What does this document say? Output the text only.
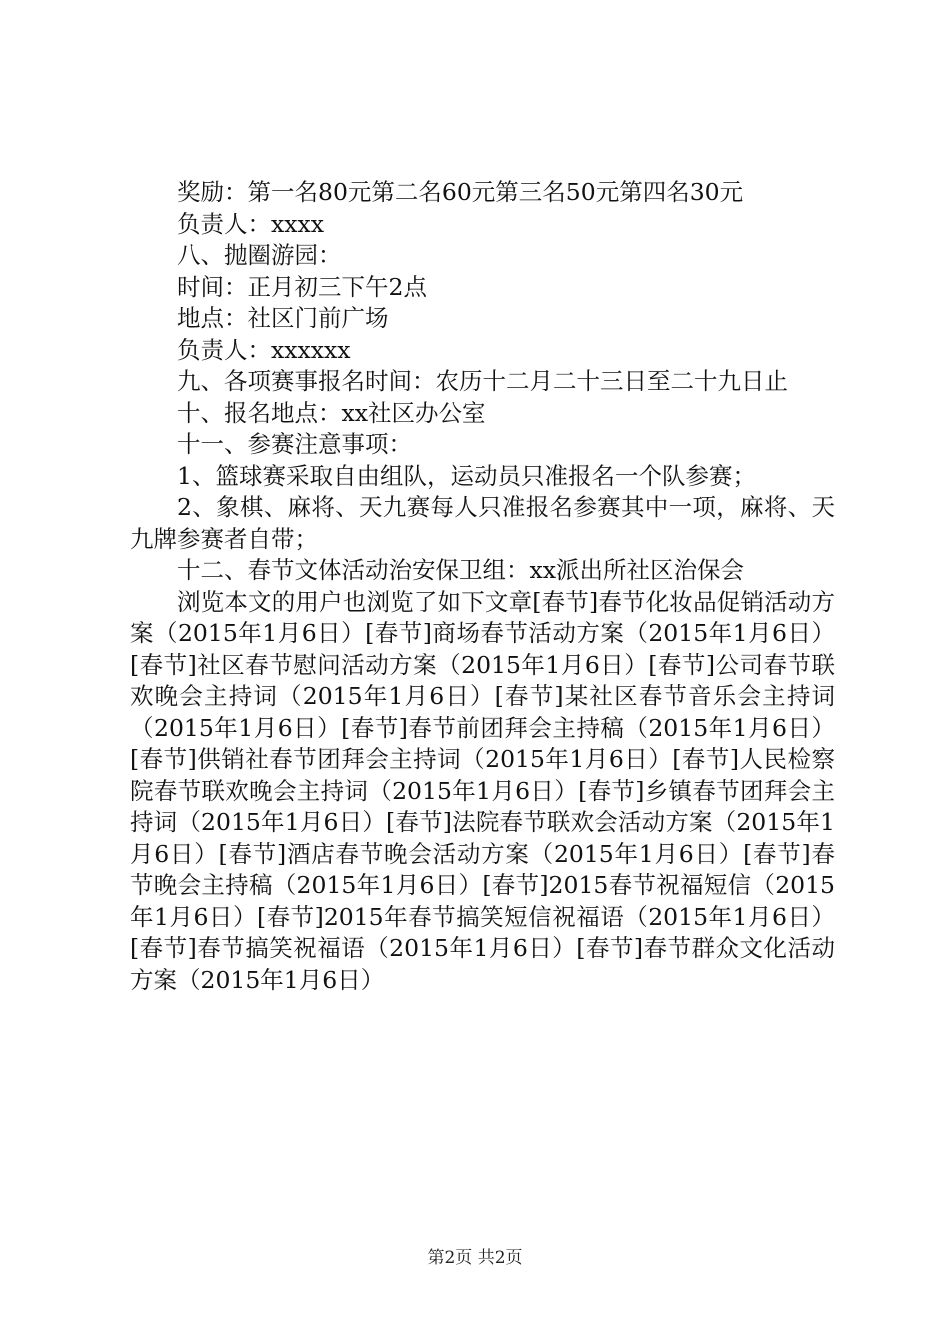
奖励：第一名80元第二名60元第三名50元第四名30元

负责人：xxxx

八、抛圈游园：

时间：正月初三下午2点

地点：社区门前广场

负责人：xxxxxx

九、各项赛事报名时间：农历十二月二十三日至二十九日止

十、报名地点：xx社区办公室

十一、参赛注意事项：

1、篮球赛采取自由组队，运动员只准报名一个队参赛；

2、象棋、麻将、天九赛每人只准报名参赛其中一项，麻将、天九牌参赛者自带；

十二、春节文体活动治安保卫组：xx派出所社区治保会

浏览本文的用户也浏览了如下文章[春节]春节化妆品促销活动方案（2015年1月6日）[春节]商场春节活动方案（2015年1月6日）[春节]社区春节慰问活动方案（2015年1月6日）[春节]公司春节联欢晚会主持词（2015年1月6日）[春节]某社区春节音乐会主持词（2015年1月6日）[春节]春节前团拜会主持稿（2015年1月6日）[春节]供销社春节团拜会主持词（2015年1月6日）[春节]人民检察院春节联欢晚会主持词（2015年1月6日）[春节]乡镇春节团拜会主持词（2015年1月6日）[春节]法院春节联欢会活动方案（2015年1月6日）[春节]酒店春节晚会活动方案（2015年1月6日）[春节]春节晚会主持稿（2015年1月6日）[春节]2015春节祝福短信（2015年1月6日）[春节]2015年春节搞笑短信祝福语（2015年1月6日）[春节]春节搞笑祝福语（2015年1月6日）[春节]春节群众文化活动方案（2015年1月6日）

第2页 共2页
